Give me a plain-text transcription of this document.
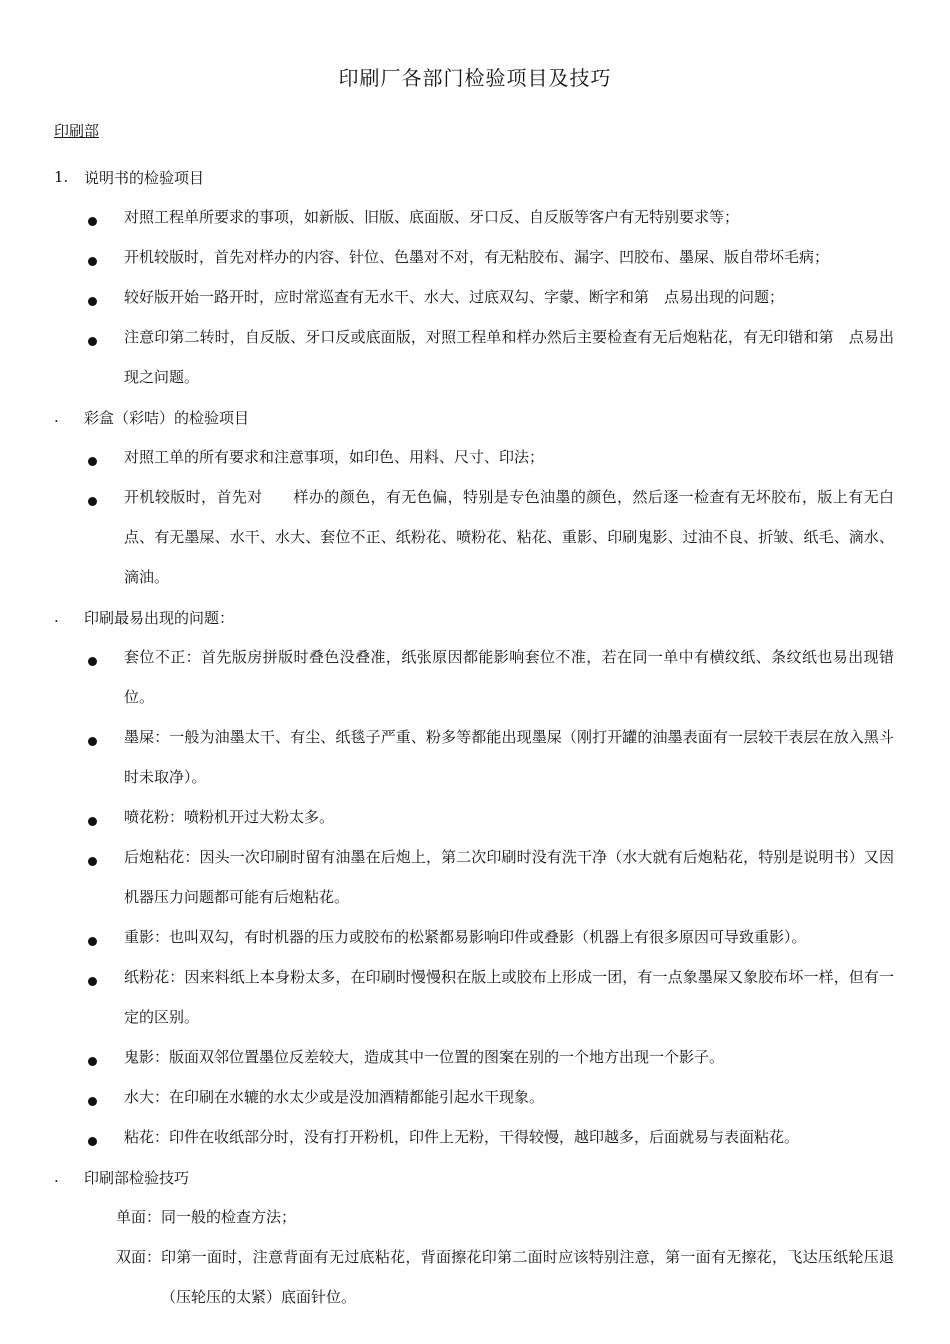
印刷厂各部门检验项目及技巧
印刷部
1.	说明书的检验项目
对照工程单所要求的事项，如新版、旧版、底面版、牙口反、自反版等客户有无特别要求等；
开机较版时，首先对样办的内容、针位、色墨对不对，有无粘胶布、漏字、凹胶布、墨屎、版自带坏毛病；
较好版开始一路开时，应时常巡查有无水干、水大、过底双勾、字蒙、断字和第　点易出现的问题；
注意印第二转时，自反版、牙口反或底面版，对照工程单和样办然后主要检查有无后炮粘花，有无印错和第　点易出现之问题。
.	彩盒（彩咭）的检验项目
对照工单的所有要求和注意事项，如印色、用料、尺寸、印法；
开机较版时，首先对　　样办的颜色，有无色偏，特别是专色油墨的颜色，然后逐一检查有无坏胶布，版上有无白点、有无墨屎、水干、水大、套位不正、纸粉花、喷粉花、粘花、重影、印刷鬼影、过油不良、折皱、纸毛、滴水、滴油。
.	印刷最易出现的问题：
套位不正：首先版房拼版时叠色没叠准，纸张原因都能影响套位不准，若在同一单中有横纹纸、条纹纸也易出现错位。
墨屎：一般为油墨太干、有尘、纸毯子严重、粉多等都能出现墨屎（刚打开罐的油墨表面有一层较干表层在放入黑斗时未取净）。
喷花粉：喷粉机开过大粉太多。
后炮粘花：因头一次印刷时留有油墨在后炮上，第二次印刷时没有洗干净（水大就有后炮粘花，特别是说明书）又因机器压力问题都可能有后炮粘花。
重影：也叫双勾，有时机器的压力或胶布的松紧都易影响印件或叠影（机器上有很多原因可导致重影）。
纸粉花：因来料纸上本身粉太多，在印刷时慢慢积在版上或胶布上形成一团，有一点象墨屎又象胶布坏一样，但有一定的区别。
鬼影：版面双邻位置墨位反差较大，造成其中一位置的图案在别的一个地方出现一个影子。
水大：在印刷在水辘的水太少或是没加酒精都能引起水干现象。
粘花：印件在收纸部分时，没有打开粉机，印件上无粉，干得较慢，越印越多，后面就易与表面粘花。
.	印刷部检验技巧
单面： 同一般的检查方法；
双面： 印第一面时，注意背面有无过底粘花，背面擦花印第二面时应该特别注意，第一面有无擦花，飞达压纸轮压退（压轮压的太紧）底面针位。
